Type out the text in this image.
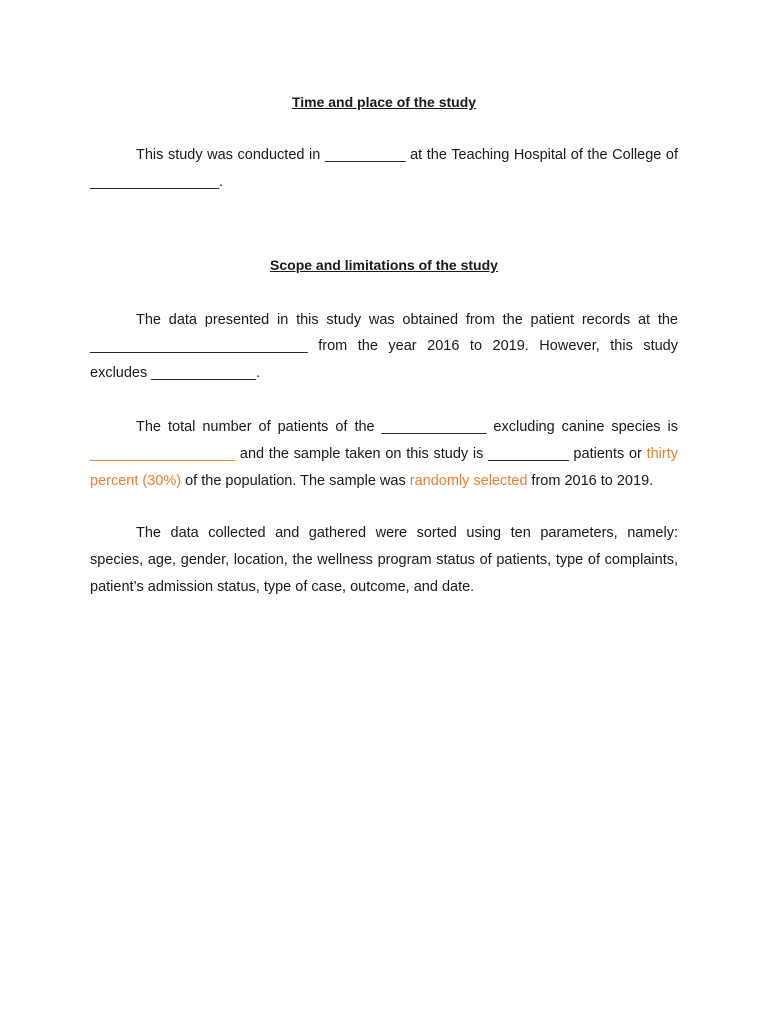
Time and place of the study

This study was conducted in __________ at the Teaching Hospital of the College of ________________.

Scope and limitations of the study

The data presented in this study was obtained from the patient records at the ___________________________ from the year 2016 to 2019. However, this study excludes _____________.

The total number of patients of the _____________ excluding canine species is __________________ and the sample taken on this study is __________ patients or thirty percent (30%) of the population. The sample was randomly selected from 2016 to 2019.

The data collected and gathered were sorted using ten parameters, namely: species, age, gender, location, the wellness program status of patients, type of complaints, patient’s admission status, type of case, outcome, and date.
